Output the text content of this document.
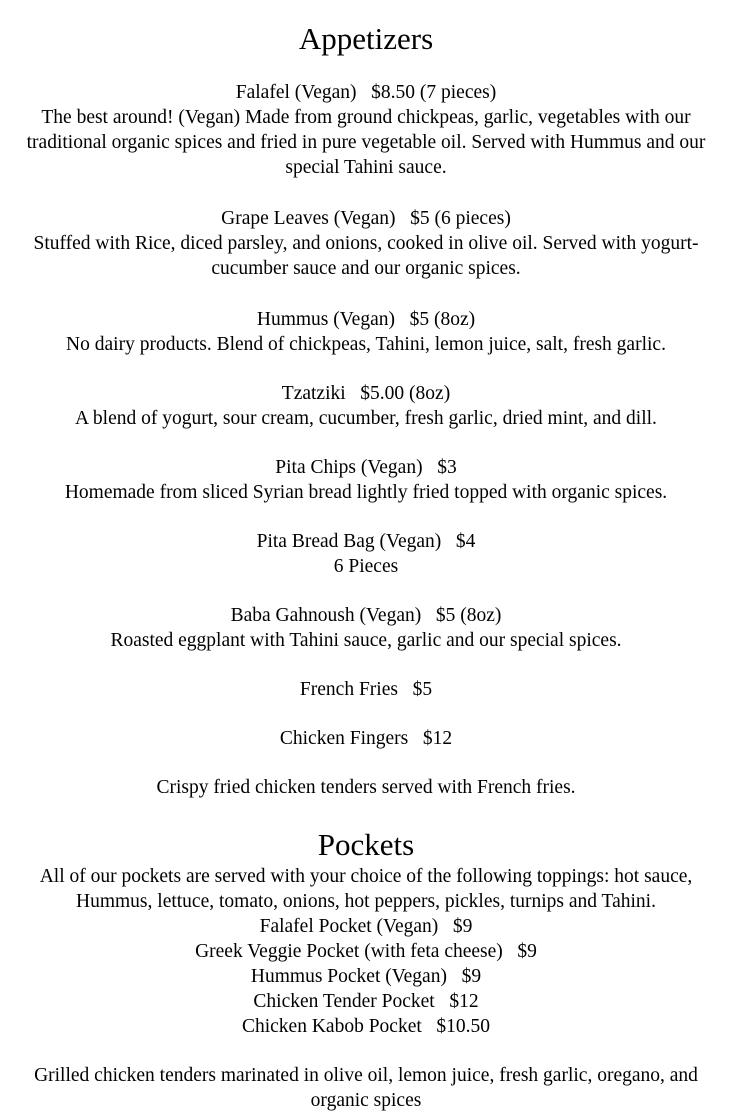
Appetizers
Falafel (Vegan)   $8.50 (7 pieces)
The best around! (Vegan) Made from ground chickpeas, garlic, vegetables with our traditional organic spices and fried in pure vegetable oil. Served with Hummus and our special Tahini sauce.
Grape Leaves (Vegan)   $5 (6 pieces)
Stuffed with Rice, diced parsley, and onions, cooked in olive oil. Served with yogurt-cucumber sauce and our organic spices.
Hummus (Vegan)   $5 (8oz)
No dairy products. Blend of chickpeas, Tahini, lemon juice, salt, fresh garlic.
Tzatziki   $5.00 (8oz)
A blend of yogurt, sour cream, cucumber, fresh garlic, dried mint, and dill.
Pita Chips (Vegan)   $3
Homemade from sliced Syrian bread lightly fried topped with organic spices.
Pita Bread Bag (Vegan)   $4
6 Pieces
Baba Gahnoush (Vegan)   $5 (8oz)
Roasted eggplant with Tahini sauce, garlic and our special spices.
French Fries   $5
Chicken Fingers   $12
Crispy fried chicken tenders served with French fries.
Pockets
All of our pockets are served with your choice of the following toppings: hot sauce, Hummus, lettuce, tomato, onions, hot peppers, pickles, turnips and Tahini.
Falafel Pocket (Vegan)   $9
Greek Veggie Pocket (with feta cheese)   $9
Hummus Pocket (Vegan)   $9
Chicken Tender Pocket   $12
Chicken Kabob Pocket   $10.50
Grilled chicken tenders marinated in olive oil, lemon juice, fresh garlic, oregano, and organic spices
